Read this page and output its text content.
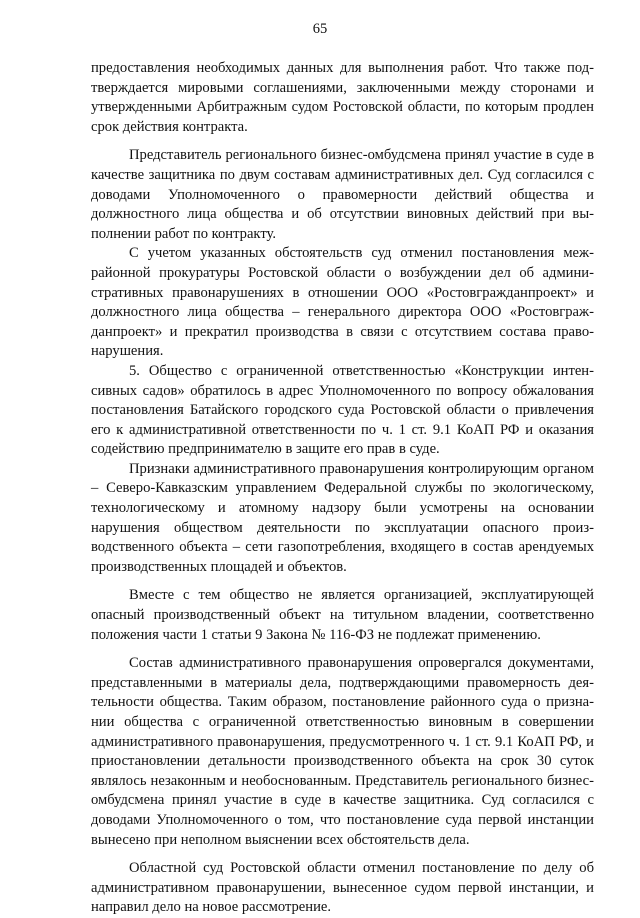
65

предоставления необходимых данных для выполнения работ. Что также подтверждается мировыми соглашениями, заключенными между сторонами и утвержденными Арбитражным судом Ростовской области, по которым продлен срок действия контракта.

Представитель регионального бизнес-омбудсмена принял участие в суде в качестве защитника по двум составам административных дел. Суд согласился с доводами Уполномоченного о правомерности действий общества и должностного лица общества и об отсутствии виновных действий при выполнении работ по контракту.

С учетом указанных обстоятельств суд отменил постановления межрайонной прокуратуры Ростовской области о возбуждении дел об административных правонарушениях в отношении ООО «Ростовгражданпроект» и должностного лица общества – генерального директора ООО «Ростовгражданпроект» и прекратил производства в связи с отсутствием состава правонарушения.

5. Общество с ограниченной ответственностью «Конструкции интенсивных садов» обратилось в адрес Уполномоченного по вопросу обжалования постановления Батайского городского суда Ростовской области о привлечения его к административной ответственности по ч. 1 ст. 9.1 КоАП РФ и оказания содействию предпринимателю в защите его прав в суде.

Признаки административного правонарушения контролирующим органом – Северо-Кавказским управлением Федеральной службы по экологическому, технологическому и атомному надзору были усмотрены на основании нарушения обществом деятельности по эксплуатации опасного производственного объекта – сети газопотребления, входящего в состав арендуемых производственных площадей и объектов.

Вместе с тем общество не является организацией, эксплуатирующей опасный производственный объект на титульном владении, соответственно положения части 1 статьи 9 Закона № 116-ФЗ не подлежат применению.

Состав административного правонарушения опровергался документами, представленными в материалы дела, подтверждающими правомерность деятельности общества. Таким образом, постановление районного суда о признании общества с ограниченной ответственностью виновным в совершении административного правонарушения, предусмотренного ч. 1 ст. 9.1 КоАП РФ, и приостановлении детальности производственного объекта на срок 30 суток являлось незаконным и необоснованным. Представитель регионального бизнес-омбудсмена принял участие в суде в качестве защитника. Суд согласился с доводами Уполномоченного о том, что постановление суда первой инстанции вынесено при неполном выяснении всех обстоятельств дела.

Областной суд Ростовской области отменил постановление по делу об административном правонарушении, вынесенное судом первой инстанции, и направил дело на новое рассмотрение.
